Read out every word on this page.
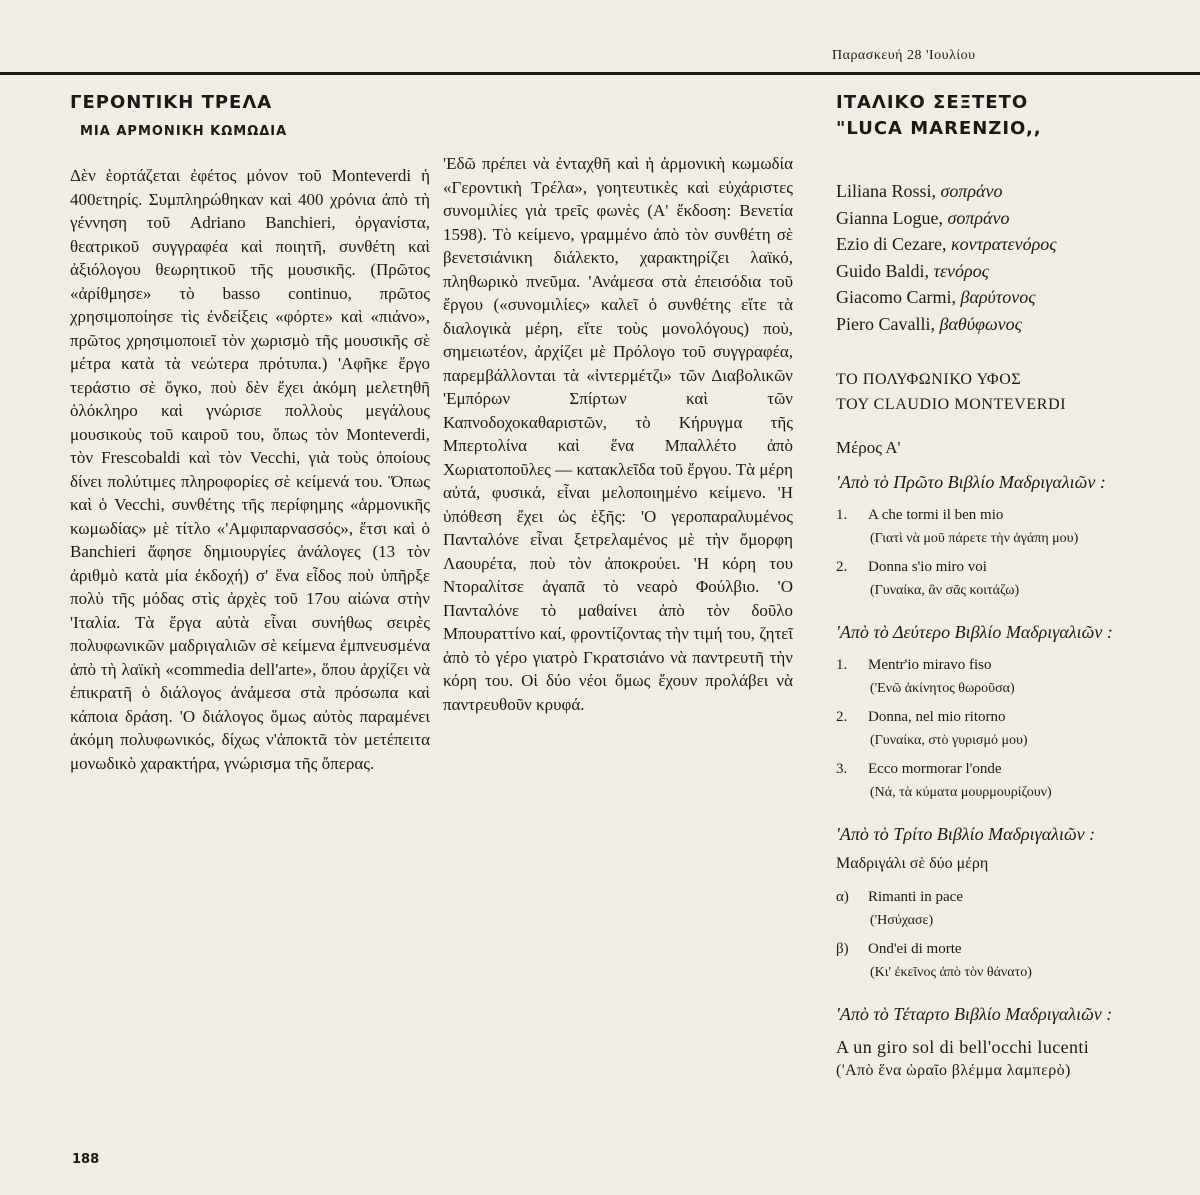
Παρασκευή 28 'Ιουλίου
ΓΕΡΟΝΤΙΚΗ ΤΡΕΛΑ
ΜΙΑ ΑΡΜΟΝΙΚΗ ΚΩΜΩΔΙΑ

Δὲν ἑορτάζεται ἐφέτος μόνον τοῦ Monteverdi ἡ 400ετηρίς. Συμπληρώθηκαν καὶ 400 χρόνια ἀπὸ τὴ γέννηση τοῦ Adriano Banchieri, ὀργανίστα, θεατρικοῦ συγγραφέα καὶ ποιητῆ, συνθέτη καὶ ἀξιόλογου θεωρητικοῦ τῆς μουσικῆς. (Πρῶτος «ἀρίθμησε» τὸ basso continuo, πρῶτος χρησιμοποίησε τὶς ἐνδείξεις «φόρτε» καὶ «πιάνο», πρῶτος χρησιμοποιεῖ τὸν χωρισμὸ τῆς μουσικῆς σὲ μέτρα κατὰ τὰ νεώτερα πρότυπα.) 'Αφῆκε ἔργο τεράστιο σὲ ὄγκο, ποὺ δὲν ἔχει ἀκόμη μελετηθῆ ὁλόκληρο καὶ γνώρισε πολλοὺς μεγάλους μουσικοὺς τοῦ καιροῦ του, ὅπως τὸν Monteverdi, τὸν Frescobaldi καὶ τὸν Vecchi, γιὰ τοὺς ὁποίους δίνει πολύτιμες πληροφορίες σὲ κείμενά του. Ὅπως καὶ ὁ Vecchi, συνθέτης τῆς περίφημης «ἁρμονικῆς κωμωδίας» μὲ τίτλο «'Αμφιπαρνασσός», ἔτσι καὶ ὁ Banchieri ἄφησε δημιουργίες ἀνάλογες (13 τὸν ἀριθμὸ κατὰ μία ἐκδοχή) σ' ἕνα εἶδος ποὺ ὑπῆρξε πολὺ τῆς μόδας στὶς ἀρχὲς τοῦ 17ου αἰώνα στὴν 'Ιταλία. Τὰ ἔργα αὐτὰ εἶναι συνήθως σειρὲς πολυφωνικῶν μαδριγαλιῶν σὲ κείμενα ἐμπνευσμένα ἀπὸ τὴ λαϊκὴ «commedia dell'arte», ὅπου ἀρχίζει νὰ ἐπικρατῆ ὁ διάλογος ἀνάμεσα στὰ πρόσωπα καὶ κάποια δράση. 'Ο διάλογος ὅμως αὐτὸς παραμένει ἀκόμη πολυφωνικός, δίχως ν'ἀποκτᾶ τὸν μετέπειτα μονωδικὸ χαρακτήρα, γνώρισμα τῆς ὄπερας.

'Εδῶ πρέπει νὰ ἐνταχθῆ καὶ ἡ ἁρμονικὴ κωμωδία «Γεροντικὴ Τρέλα», γοητευτικὲς καὶ εὐχάριστες συνομιλίες γιὰ τρεῖς φωνὲς (Α' ἔκδοση: Βενετία 1598). Τὸ κείμενο, γραμμένο ἀπὸ τὸν συνθέτη σὲ βενετσιάνικη διάλεκτο, χαρακτηρίζει λαϊκό, πληθωρικὸ πνεῦμα. 'Ανάμεσα στὰ ἐπεισόδια τοῦ ἔργου («συνομιλίες» καλεῖ ὁ συνθέτης εἴτε τὰ διαλογικὰ μέρη, εἴτε τοὺς μονολόγους) ποὺ, σημειωτέον, ἀρχίζει μὲ Πρόλογο τοῦ συγγραφέα, παρεμβάλλονται τὰ «ἰντερμέτζι» τῶν Διαβολικῶν 'Εμπόρων Σπίρτων καὶ τῶν Καπνοδοχοκαθαριστῶν, τὸ Κήρυγμα τῆς Μπερτολίνα καὶ ἕνα Μπαλλέτο ἀπὸ Χωριατοποῦλες — κατακλεῖδα τοῦ ἔργου. Τὰ μέρη αὐτά, φυσικά, εἶναι μελοποιημένο κείμενο. 'Η ὑπόθεση ἔχει ὡς ἑξῆς: 'Ο γεροπαραλυμένος Πανταλόνε εἶναι ξετρελαμένος μὲ τὴν ὄμορφη Λαουρέτα, ποὺ τὸν ἀποκρούει. 'Η κόρη του Ντοραλίτσε ἀγαπᾶ τὸ νεαρὸ Φούλβιο. 'Ο Πανταλόνε τὸ μαθαίνει ἀπὸ τὸν δοῦλο Μπουραττίνο καί, φροντίζοντας τὴν τιμή του, ζητεῖ ἀπὸ τὸ γέρο γιατρὸ Γκρατσιάνο νὰ παντρευτῆ τὴν κόρη του. Οἱ δύο νέοι ὅμως ἔχουν προλάβει νὰ παντρευθοῦν κρυφά.

ΙΤΑΛΙΚΟ ΣΕΞΤΕΤΟ
"LUCA MARENZIO,,
Liliana Rossi, σοπράνο
Gianna Logue, σοπράνο
Ezio di Cezare, κοντρατενόρος
Guido Baldi, τενόρος
Giacomo Carmi, βαρύτονος
Piero Cavalli, βαθύφωνος
ΤΟ ΠΟΛΥΦΩΝΙΚΟ ΥΦΟΣ
ΤΟΥ CLAUDIO MONTEVERDI
Μέρος Α'
'Aπὸ τὸ Πρῶτο Βιβλίο Μαδριγαλιῶν :
1.	A che tormi il ben mio
(Γιατὶ νὰ μοῦ πάρετε τὴν ἀγάπη μου)
2.	Donna s'io miro voi
(Γυναίκα, ἂν σᾶς κοιτάζω)
'Aπὸ τὸ Δεύτερο Βιβλίο Μαδριγαλιῶν :
1.	Mentr'io miravo fiso
('Ενῶ ἀκίνητος θωροῦσα)
2.	Donna, nel mio ritorno
(Γυναίκα, στὸ γυρισμό μου)
3.	Ecco mormorar l'onde
(Νά, τὰ κύματα μουρμουρίζουν)
'Aπὸ τὸ Τρίτο Βιβλίο Μαδριγαλιῶν :
Μαδριγάλι σὲ δύο μέρη
α)	Rimanti in pace
('Ησύχασε)
β)	Ond'ei di morte
(Κι' ἐκεῖνος ἀπὸ τὸν θάνατο)
'Aπὸ τὸ Τέταρτο Βιβλίο Μαδριγαλιῶν :
A un giro sol di bell'occhi lucenti
('Απὸ ἕνα ὡραῖο βλέμμα λαμπερὸ)
188
